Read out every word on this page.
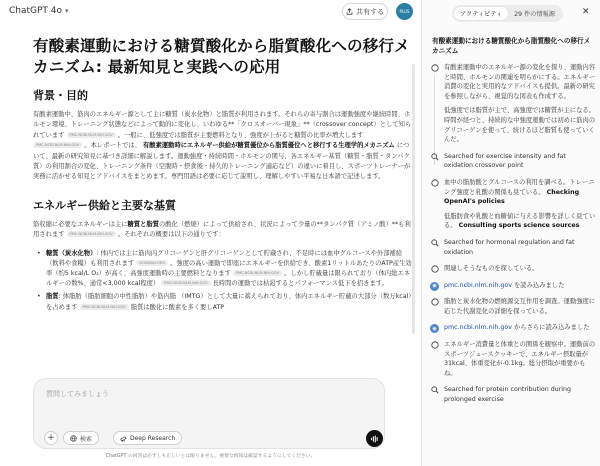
ChatGPT 4o ▾	共有する	PLUS
有酸素運動における糖質酸化から脂質酸化への移行メカニズム: 最新知見と実践への応用
背景・目的

有酸素運動中、筋肉のエネルギー源として主に糖質（炭水化物）と脂質が利用されます。それらの寄与割合は運動強度や継続時間、ホルモン環境、トレーニング状態などによって動的に変化し、いわゆる**「クロスオーバー現象」**（crossover concept）として知られています PMC.NCBI.NLM.NIH.GOV 。一般に、低強度では脂質が主要燃料となり、強度が上がると糖質の比率が増大します PMC.NCBI.NLM.NIH.GOV 。本レポートでは、 有酸素運動時にエネルギー供給が糖質優位から脂質優位へと移行する生理学的メカニズム について、最新の研究知見に基づき詳細に解説します。運動強度・持続時間・ホルモンの関与、各エネルギー基質（糖質・脂質・タンパク質）の利用割合の変化、トレーニング条件（空腹時・摂食後・持久的トレーニング適応など）の違いに着目し、スポーツトレーナーが実務に活かせる知見とアドバイスをまとめます。専門用語は必要に応じて説明し、理解しやすい平易な日本語で記述します。

エネルギー供給と主要な基質

筋収縮に必要なエネルギーは主に糖質と脂質の酸化（燃焼）によって供給され、状況によって少量の**タンパク質（アミノ酸）**も利用されます PMC.NCBI.NLM.NIH.GOV 。それぞれの概要は以下の通りです：

• 糖質（炭水化物）: 体内では主に筋肉内グリコーゲンと肝グリコーゲンとして貯蔵され、不足時には血中グルコースや外部補給（飲料や食糧）も利用されます GODMAN.ORG 。強度の高い運動で即座にエネルギーを供給でき、酸素1リットルあたりのATP産生効率（約5 kcal/L O₂）が高く、高強度運動時の主要燃料となります PMC.NCBI.NLM.NIH.GOV 。しかし貯蔵量は限られており（体内総エネルギーの数%、通常<3,000 kcal程度） PMC.NCBI.NLM.NIH.GOV 長時間の運動では枯渇するとパフォーマンス低下を招きます。
• 脂質: 体脂肪（脂肪細胞の中性脂肪）や筋内脂 （IMTG）として大量に蓄えられており、体内エネルギー貯蔵の大部分（数万kcal）を占めます PMC.NCBI.NLM.NIH.GOV 脂質は酸化に酸素を多く要しATP
質問してみましょう
+	検索	Deep Research
ChatGPT の回答は必ずしも正しいとは限りません。重要な情報は確認するようにしてください。
アクティビティ	29 件の情報源	✕
有酸素運動における糖質酸化から脂質酸化への移行メカニズム
有酸素運動中のエネルギー源の変化を探り、運動内容と時間、ホルモンの関連を明らかにする。エネルギー消費の変化と実用的なアドバイスも提供。最新の研究を参照しながら、視覚的な図表も作成する。
低強度では脂質が主で、高強度では糖質が主になる。時間が経つと、持続的な中強度運動では初めに筋肉のグリコーゲンを使って、続けるほど脂質も使っていくんだ。
Searched for exercise intensity and fat oxidation crossover point
血中の脂肪酸とグルコースの利用を調べる。トレーニング強度と乳酸の関係も見ている。 Checking OpenAI's policies
低脂肪食や乳酸と血糖値に与える影響を詳しく見ている。 Consulting sports science sources
Searched for hormonal regulation and fat oxidation
関連しそうなものを探している。
◉	pmc.ncbi.nlm.nih.gov を読み込みました
脂肪と炭水化物の燃焼源交互作用を調査。運動強度に応じた代謝変化の詳細を探っている。
◉	pmc.ncbi.nlm.nih.gov からさらに読み込みました
エネルギー消費量と体重との関係を観察中。運動前のスポーツジュースクッキーで、エネルギー摂取量が31kcal、体重変化が-0.1kg。総分摂取が重要かもね。
Searched for protein contribution during prolonged exercise
